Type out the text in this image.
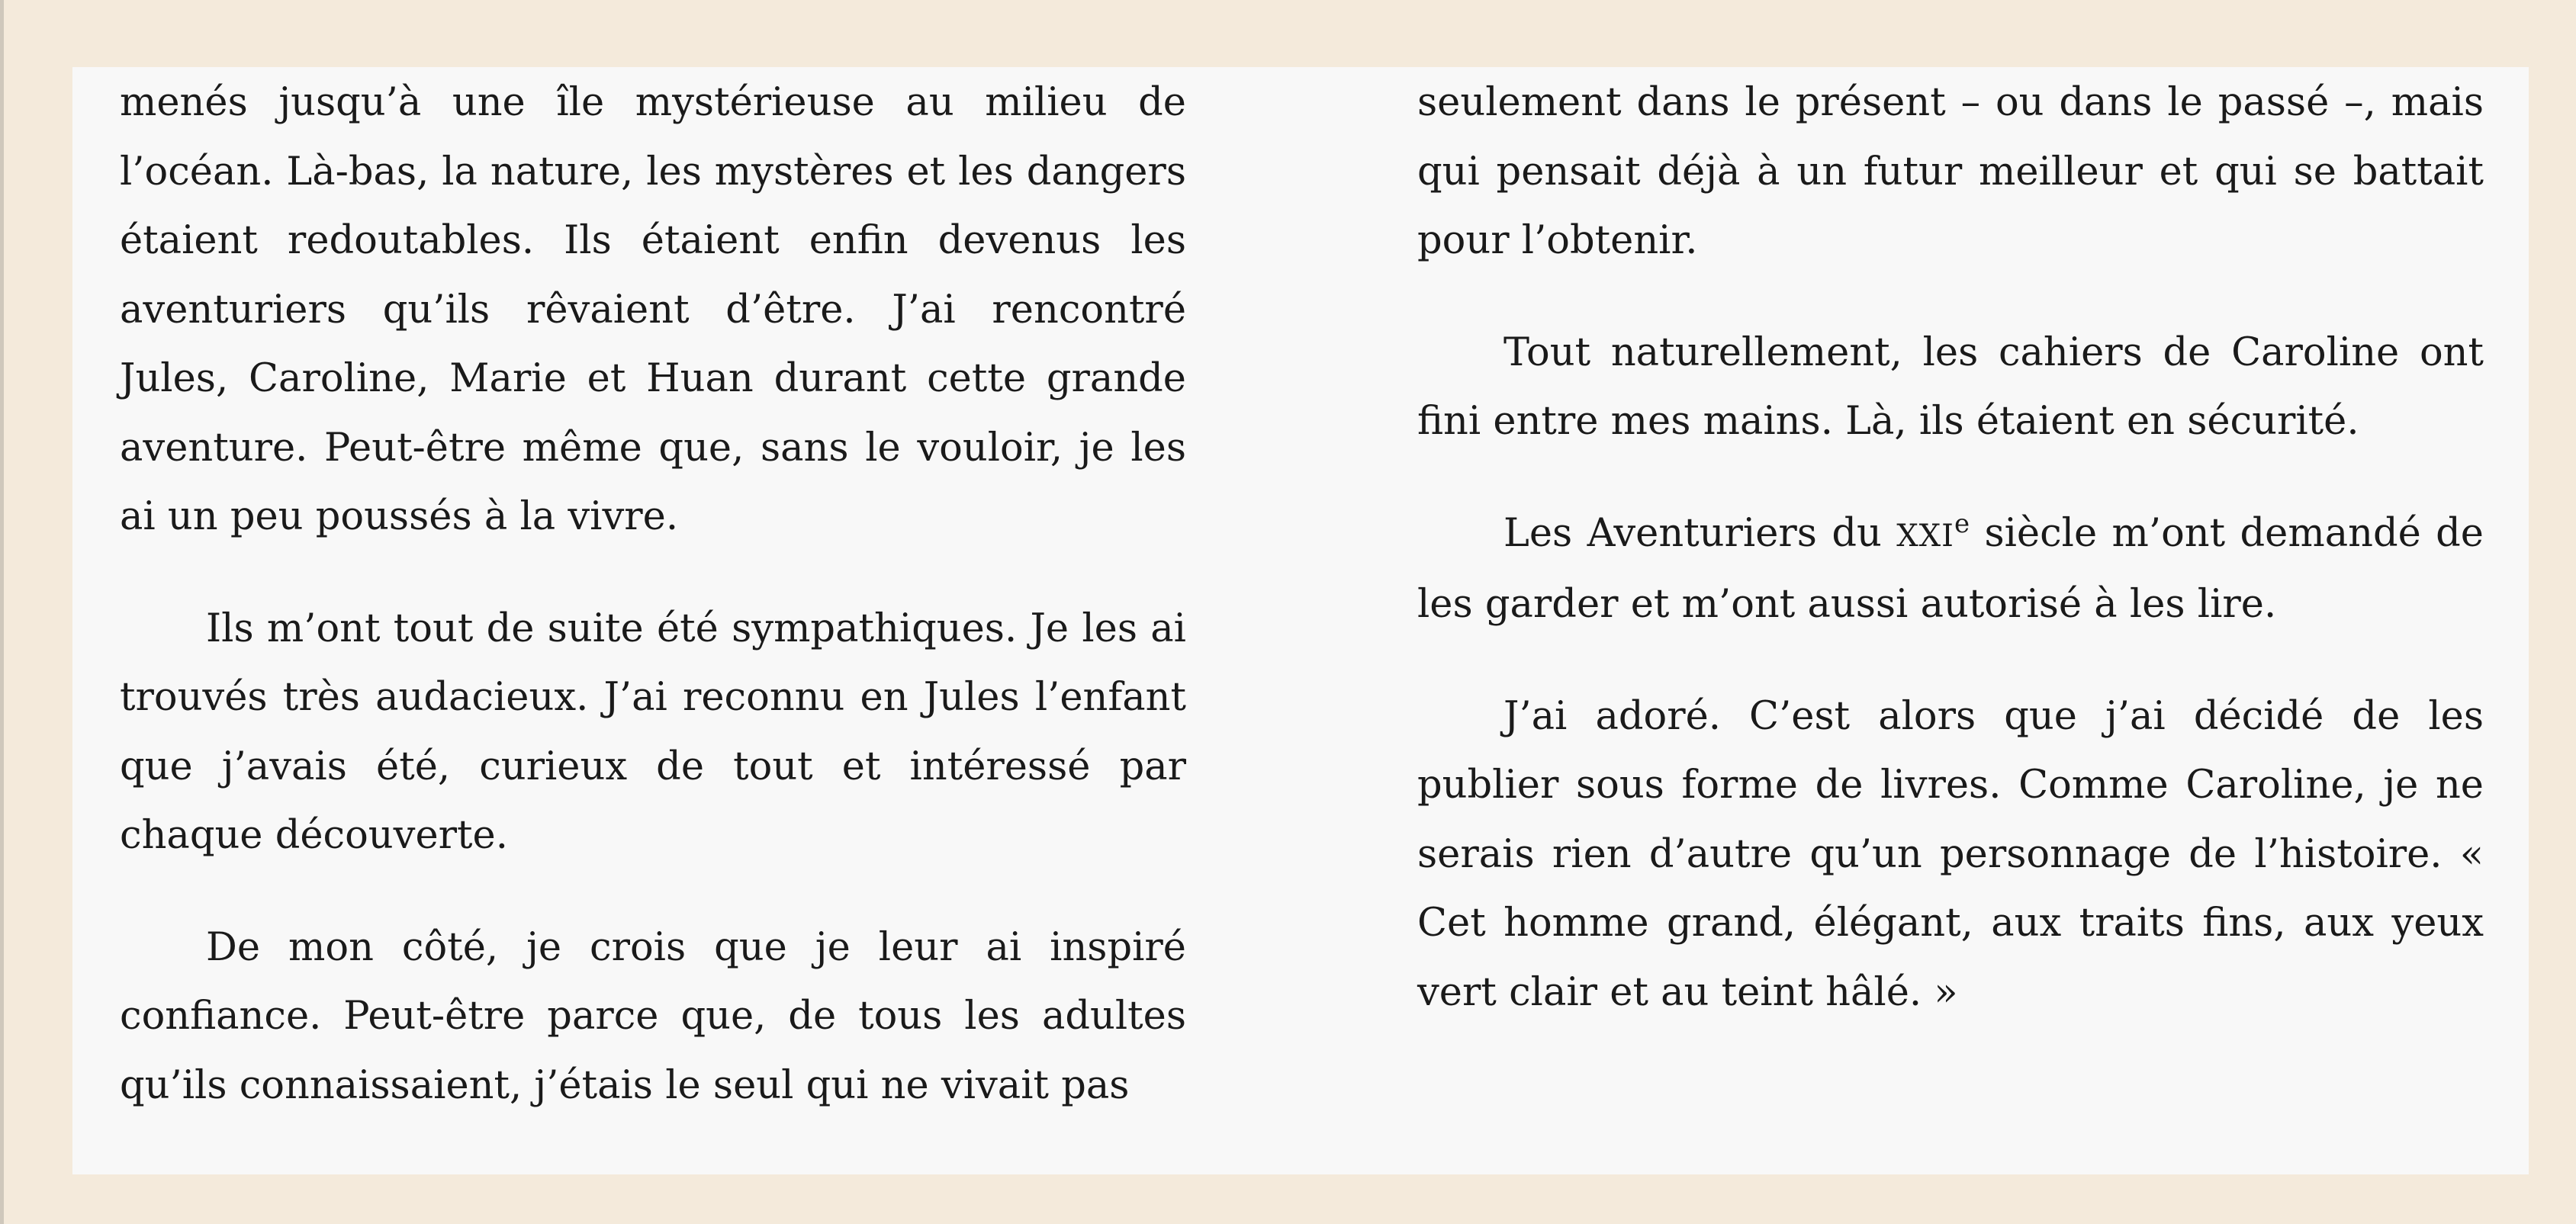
menés jusqu’à une île mystérieuse au milieu de l’océan. Là-bas, la nature, les mystères et les dangers étaient redoutables. Ils étaient enfin devenus les aventuriers qu’ils rêvaient d’être. J’ai rencontré Jules, Caroline, Marie et Huan durant cette grande aventure. Peut-être même que, sans le vouloir, je les ai un peu poussés à la vivre.

Ils m’ont tout de suite été sympathiques. Je les ai trouvés très audacieux. J’ai reconnu en Jules l’enfant que j’avais été, curieux de tout et intéressé par chaque découverte.

De mon côté, je crois que je leur ai inspiré confiance. Peut-être parce que, de tous les adultes qu’ils connaissaient, j’étais le seul qui ne vivait pas

seulement dans le présent – ou dans le passé –, mais qui pensait déjà à un futur meilleur et qui se battait pour l’obtenir.

Tout naturellement, les cahiers de Caroline ont fini entre mes mains. Là, ils étaient en sécurité.

Les Aventuriers du XXIe siècle m’ont demandé de les garder et m’ont aussi autorisé à les lire.

J’ai adoré. C’est alors que j’ai décidé de les publier sous forme de livres. Comme Caroline, je ne serais rien d’autre qu’un personnage de l’histoire. « Cet homme grand, élégant, aux traits fins, aux yeux vert clair et au teint hâlé. »
